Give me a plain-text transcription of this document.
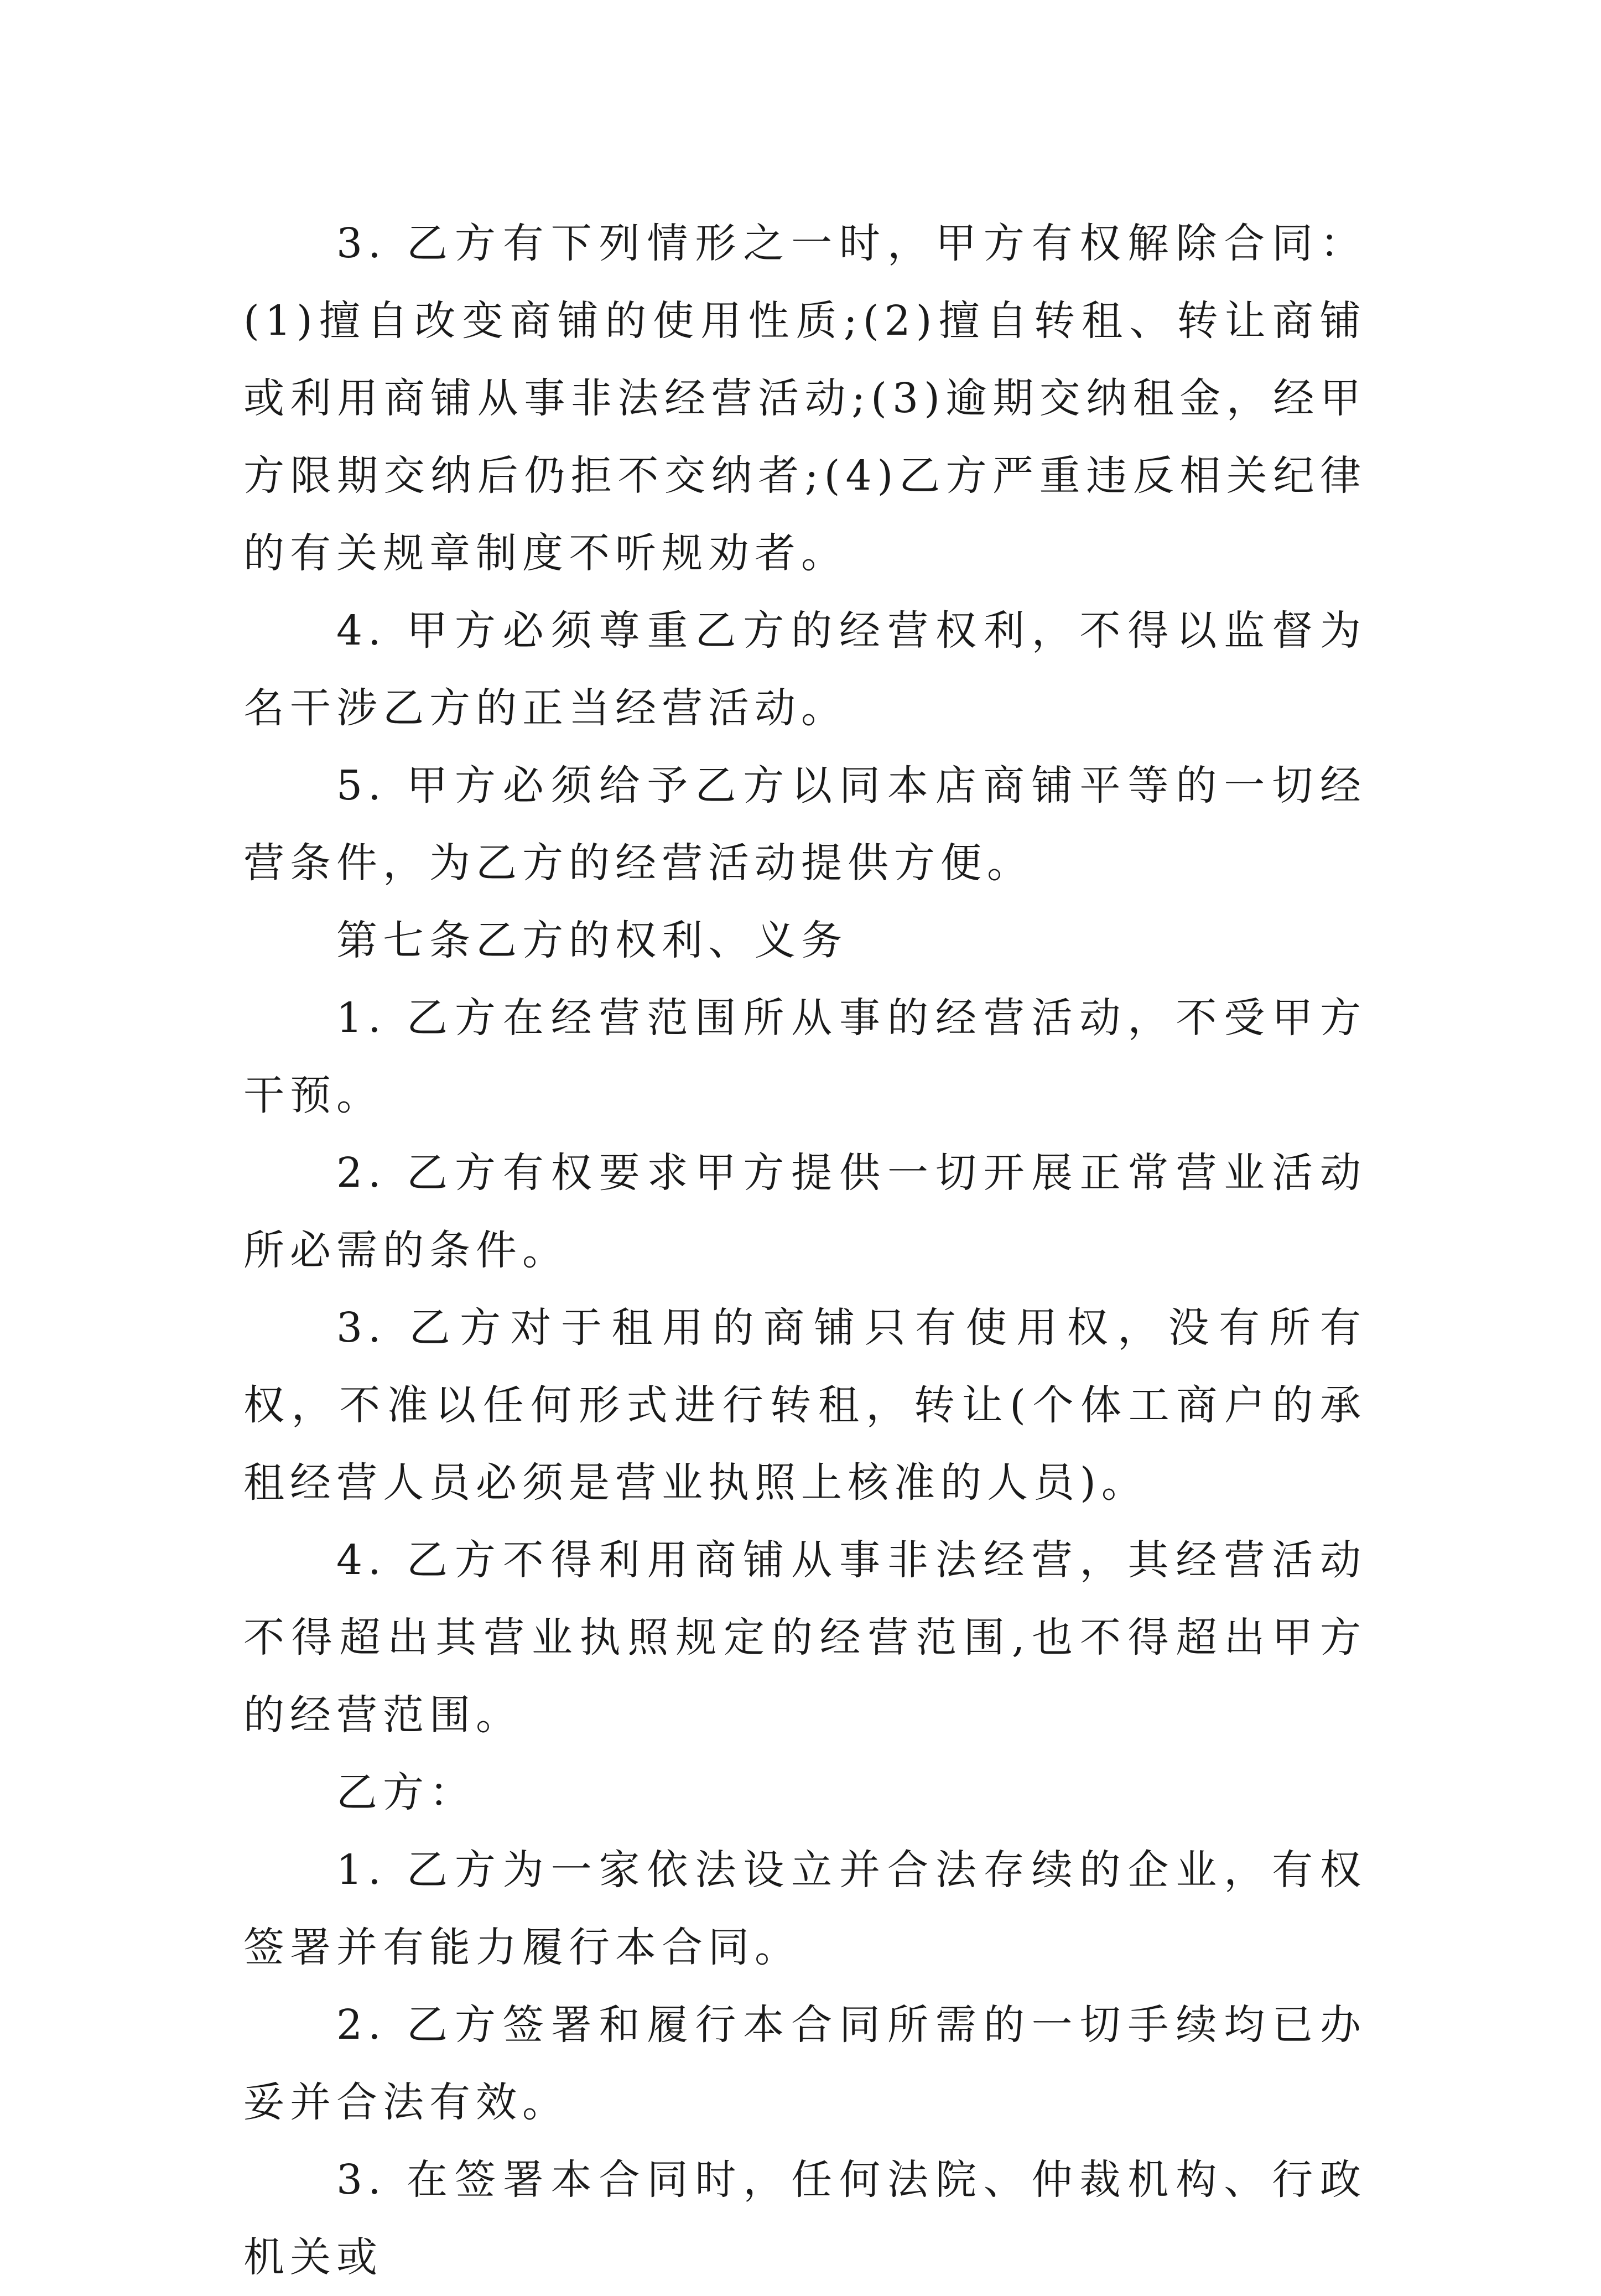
3. 乙方有下列情形之一时，甲方有权解除合同：(1)擅自改变商铺的使用性质;(2)擅自转租、转让商铺或利用商铺从事非法经营活动;(3)逾期交纳租金，经甲方限期交纳后仍拒不交纳者;(4)乙方严重违反相关纪律的有关规章制度不听规劝者。

4. 甲方必须尊重乙方的经营权利，不得以监督为名干涉乙方的正当经营活动。

5. 甲方必须给予乙方以同本店商铺平等的一切经营条件，为乙方的经营活动提供方便。

第七条乙方的权利、义务

1. 乙方在经营范围所从事的经营活动，不受甲方干预。

2. 乙方有权要求甲方提供一切开展正常营业活动所必需的条件。

3. 乙方对于租用的商铺只有使用权，没有所有权，不准以任何形式进行转租，转让(个体工商户的承租经营人员必须是营业执照上核准的人员)。

4. 乙方不得利用商铺从事非法经营，其经营活动不得超出其营业执照规定的经营范围,也不得超出甲方的经营范围。

乙方：

1. 乙方为一家依法设立并合法存续的企业，有权签署并有能力履行本合同。

2. 乙方签署和履行本合同所需的一切手续均已办妥并合法有效。

3. 在签署本合同时，任何法院、仲裁机构、行政机关或
